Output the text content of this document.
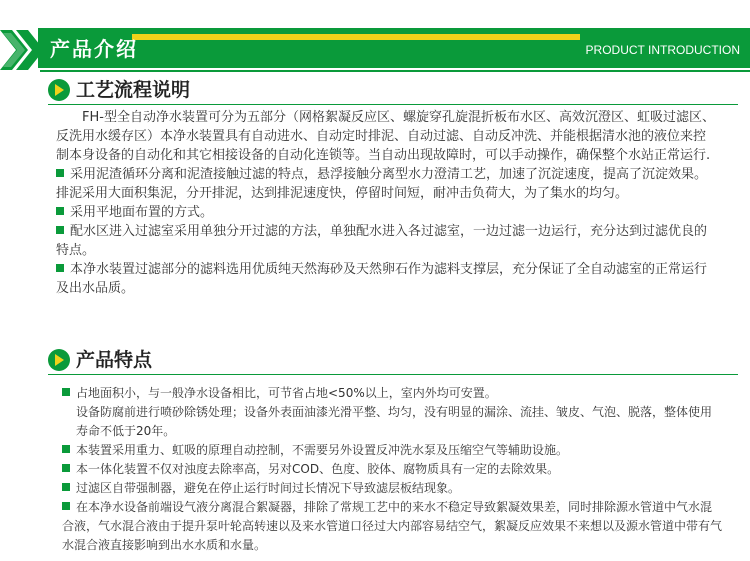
产品介绍	PRODUCT INTRODUCTION
工艺流程说明

FH-型全自动净水装置可分为五部分（网格絮凝反应区、螺旋穿孔旋混折板布水区、高效沉澄区、虹吸过滤区、反洗用水缓存区）本净水装置具有自动进水、自动定时排泥、自动过滤、自动反冲洗、并能根据清水池的液位来控制本身设备的自动化和其它相接设备的自动化连锁等。当自动出现故障时，可以手动操作，确保整个水站正常运行.

采用泥渣循环分离和泥渣接触过滤的特点，悬浮接触分离型水力澄清工艺，加速了沉淀速度，提高了沉淀效果。排泥采用大面积集泥，分开排泥，达到排泥速度快，停留时间短，耐冲击负荷大，为了集水的均匀。

采用平地面布置的方式。

配水区进入过滤室采用单独分开过滤的方法，单独配水进入各过滤室，一边过滤一边运行，充分达到过滤优良的特点。

本净水装置过滤部分的滤料选用优质纯天然海砂及天然卵石作为滤料支撑层，充分保证了全自动滤室的正常运行及出水品质。

产品特点

占地面积小，与一般净水设备相比，可节省占地<50%以上，室内外均可安置。

设备防腐前进行喷砂除锈处理；设备外表面油漆光滑平整、均匀，没有明显的漏涂、流挂、皱皮、气泡、脱落，整体使用寿命不低于20年。

本装置采用重力、虹吸的原理自动控制，不需要另外设置反冲洗水泵及压缩空气等辅助设施。

本一体化装置不仅对浊度去除率高，另对COD、色度、胶体、腐物质具有一定的去除效果。

过滤区自带强制器，避免在停止运行时间过长情况下导致滤层板结现象。

在本净水设备前端设气液分离混合絮凝器，排除了常规工艺中的来水不稳定导致絮凝效果差，同时排除源水管道中气水混合液，气水混合液由于提升泵叶轮高转速以及来水管道口径过大内部容易结空气，絮凝反应效果不来想以及源水管道中带有气水混合液直接影响到出水水质和水量。
